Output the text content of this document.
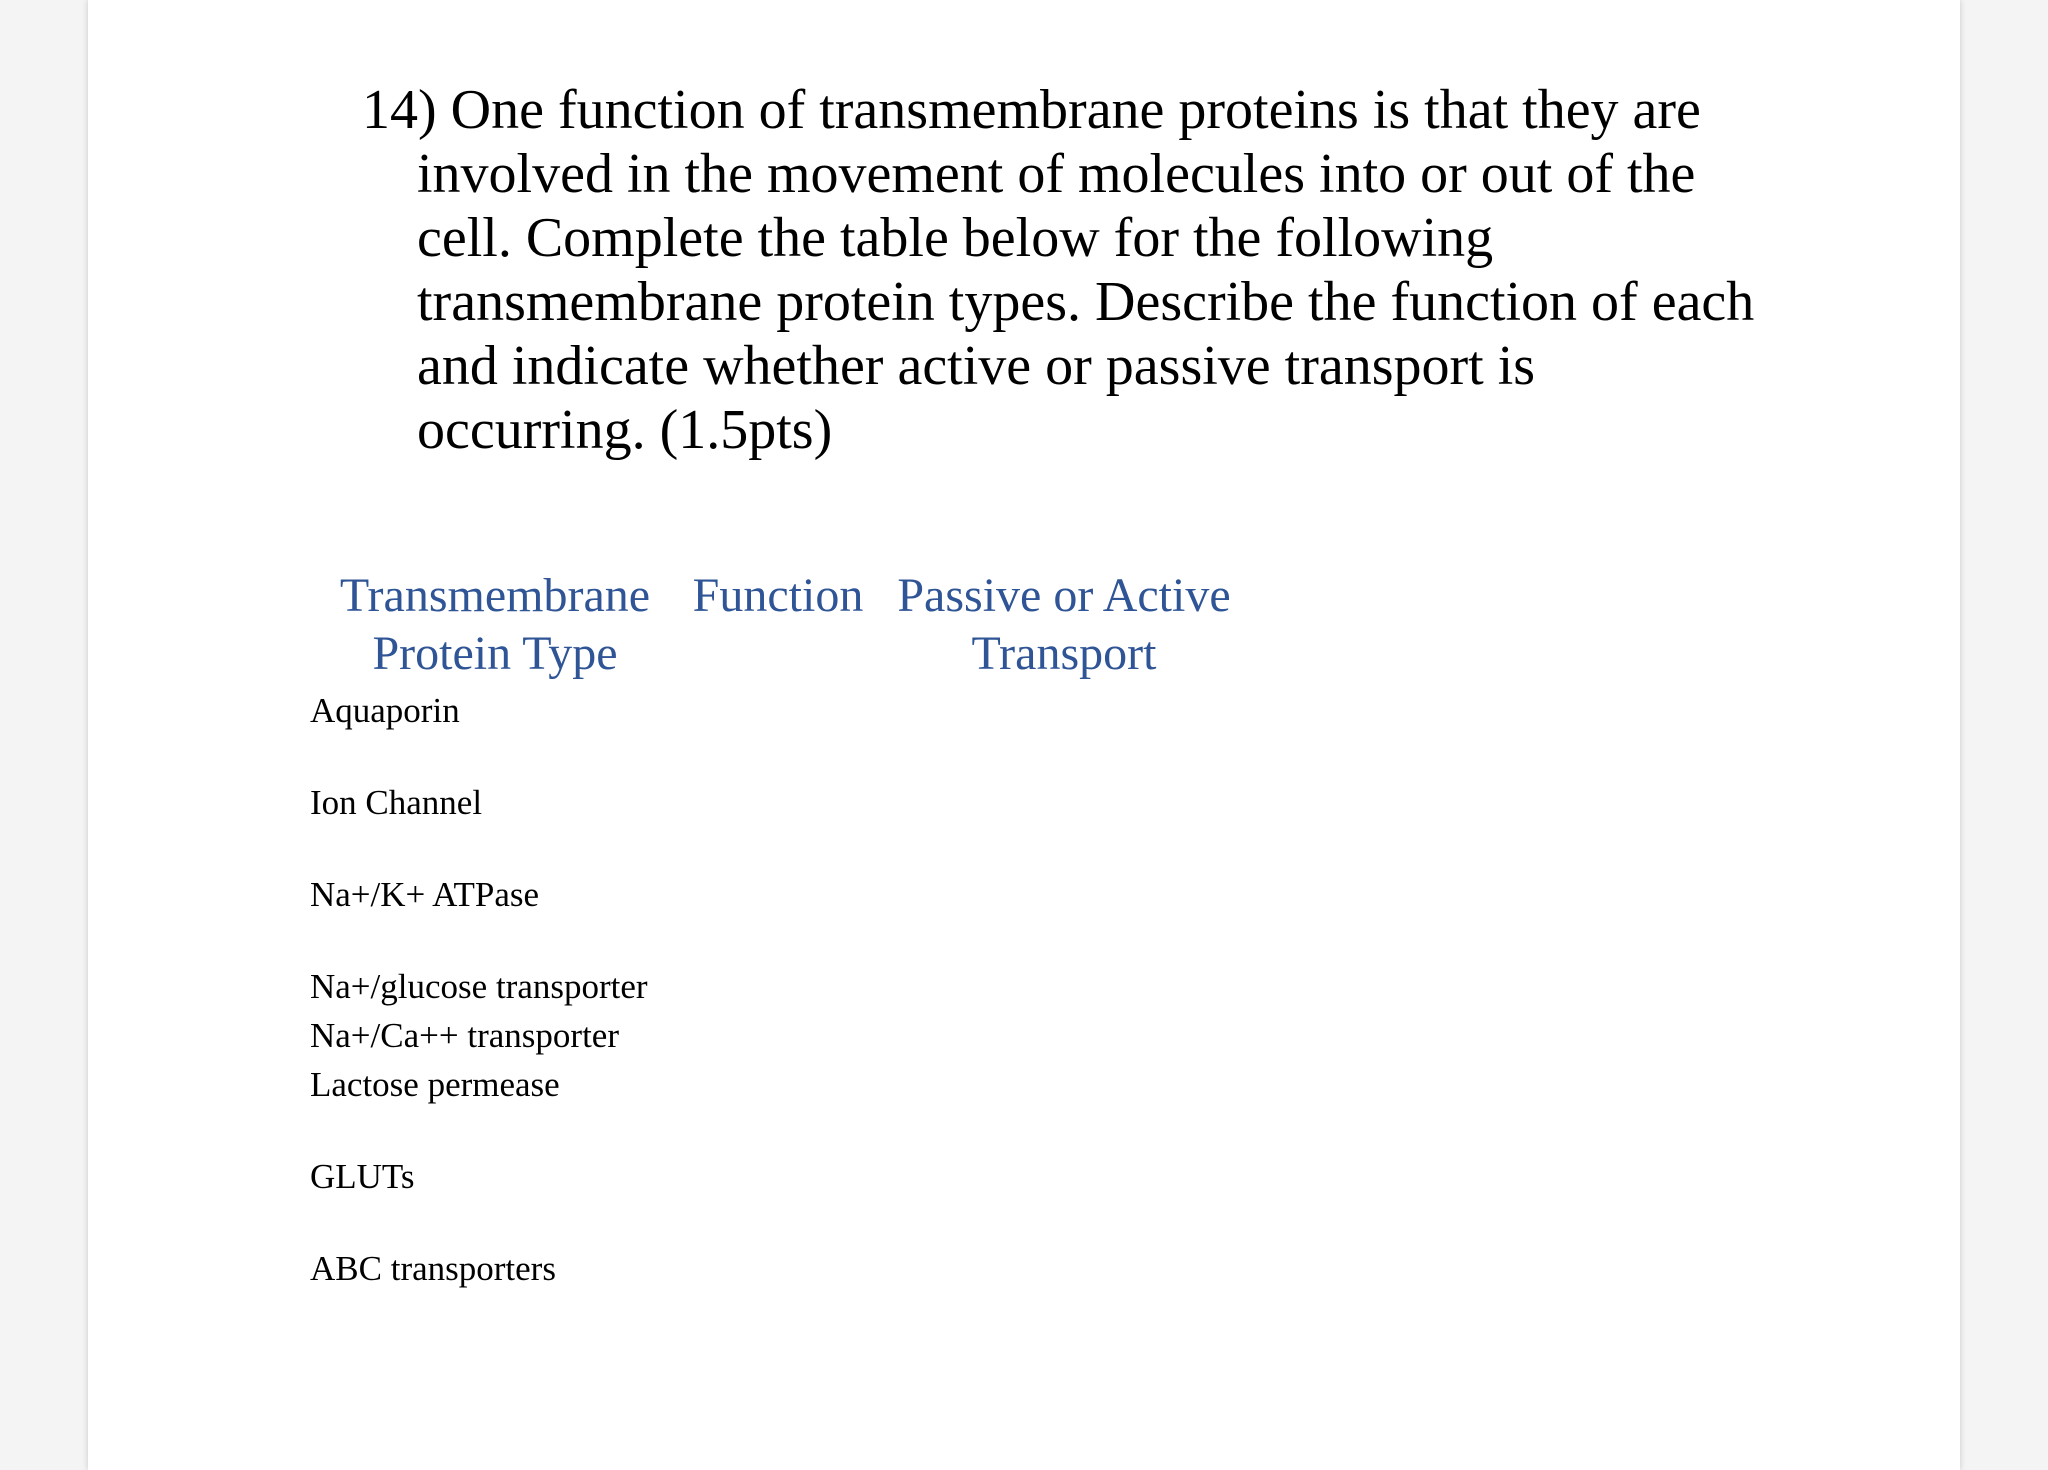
14) One function of transmembrane proteins is that they are
involved in the movement of molecules into or out of the
cell. Complete the table below for the following
transmembrane protein types. Describe the function of each
and indicate whether active or passive transport is
occurring. (1.5pts)
Transmembrane
Protein Type
Function Passive or Active
Transport
Aquaporin
Ion Channel
Na+/K+ ATPase
Na+/glucose transporter
Na+/Ca++ transporter
Lactose permease
GLUTs
ABC transporters
